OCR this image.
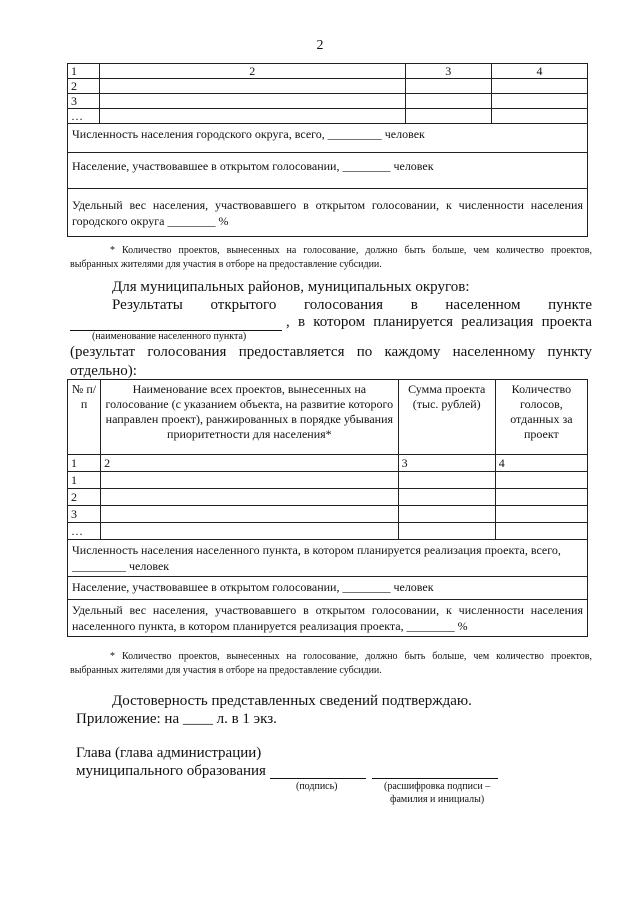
2
1	2	3	4
2			
3			
…			
Численность населения городского округа, всего, _________ человек			
Население, участвовавшее в открытом голосовании, ________ человек			
Удельный вес населения, участвовавшего в открытом голосовании, к численности населения городского округа ________ %			
* Количество проектов, вынесенных на голосование, должно быть больше, чем количество проектов, выбранных жителями для участия в отборе на предоставление субсидии.
Для муниципальных районов, муниципальных округов:
Результаты открытого голосования в населенном пункте
, в котором планируется реализация проекта
(наименование населенного пункта)
(результат голосования предоставляется по каждому населенному пункту отдельно):
№ п/п	Наименование всех проектов, вынесенных на голосование (с указанием объекта, на развитие которого направлен проект), ранжированных в порядке убывания приоритетности для населения*	Сумма проекта (тыс. рублей)	Количество голосов, отданных за проект
1	2	3	4
1			
2			
3			
…			
Численность населения населенного пункта, в котором планируется реализация проекта, всего, _________ человек			
Население, участвовавшее в открытом голосовании, ________ человек			
Удельный вес населения, участвовавшего в открытом голосовании, к численности населения населенного пункта, в котором планируется реализация проекта, ________ %			
* Количество проектов, вынесенных на голосование, должно быть больше, чем количество проектов, выбранных жителями для участия в отборе на предоставление субсидии.
Достоверность представленных сведений подтверждаю.
Приложение: на ____ л. в 1 экз.
Глава (глава администрации)
муниципального образования
(подпись)	(расшифровка подписи –
фамилия и инициалы)
